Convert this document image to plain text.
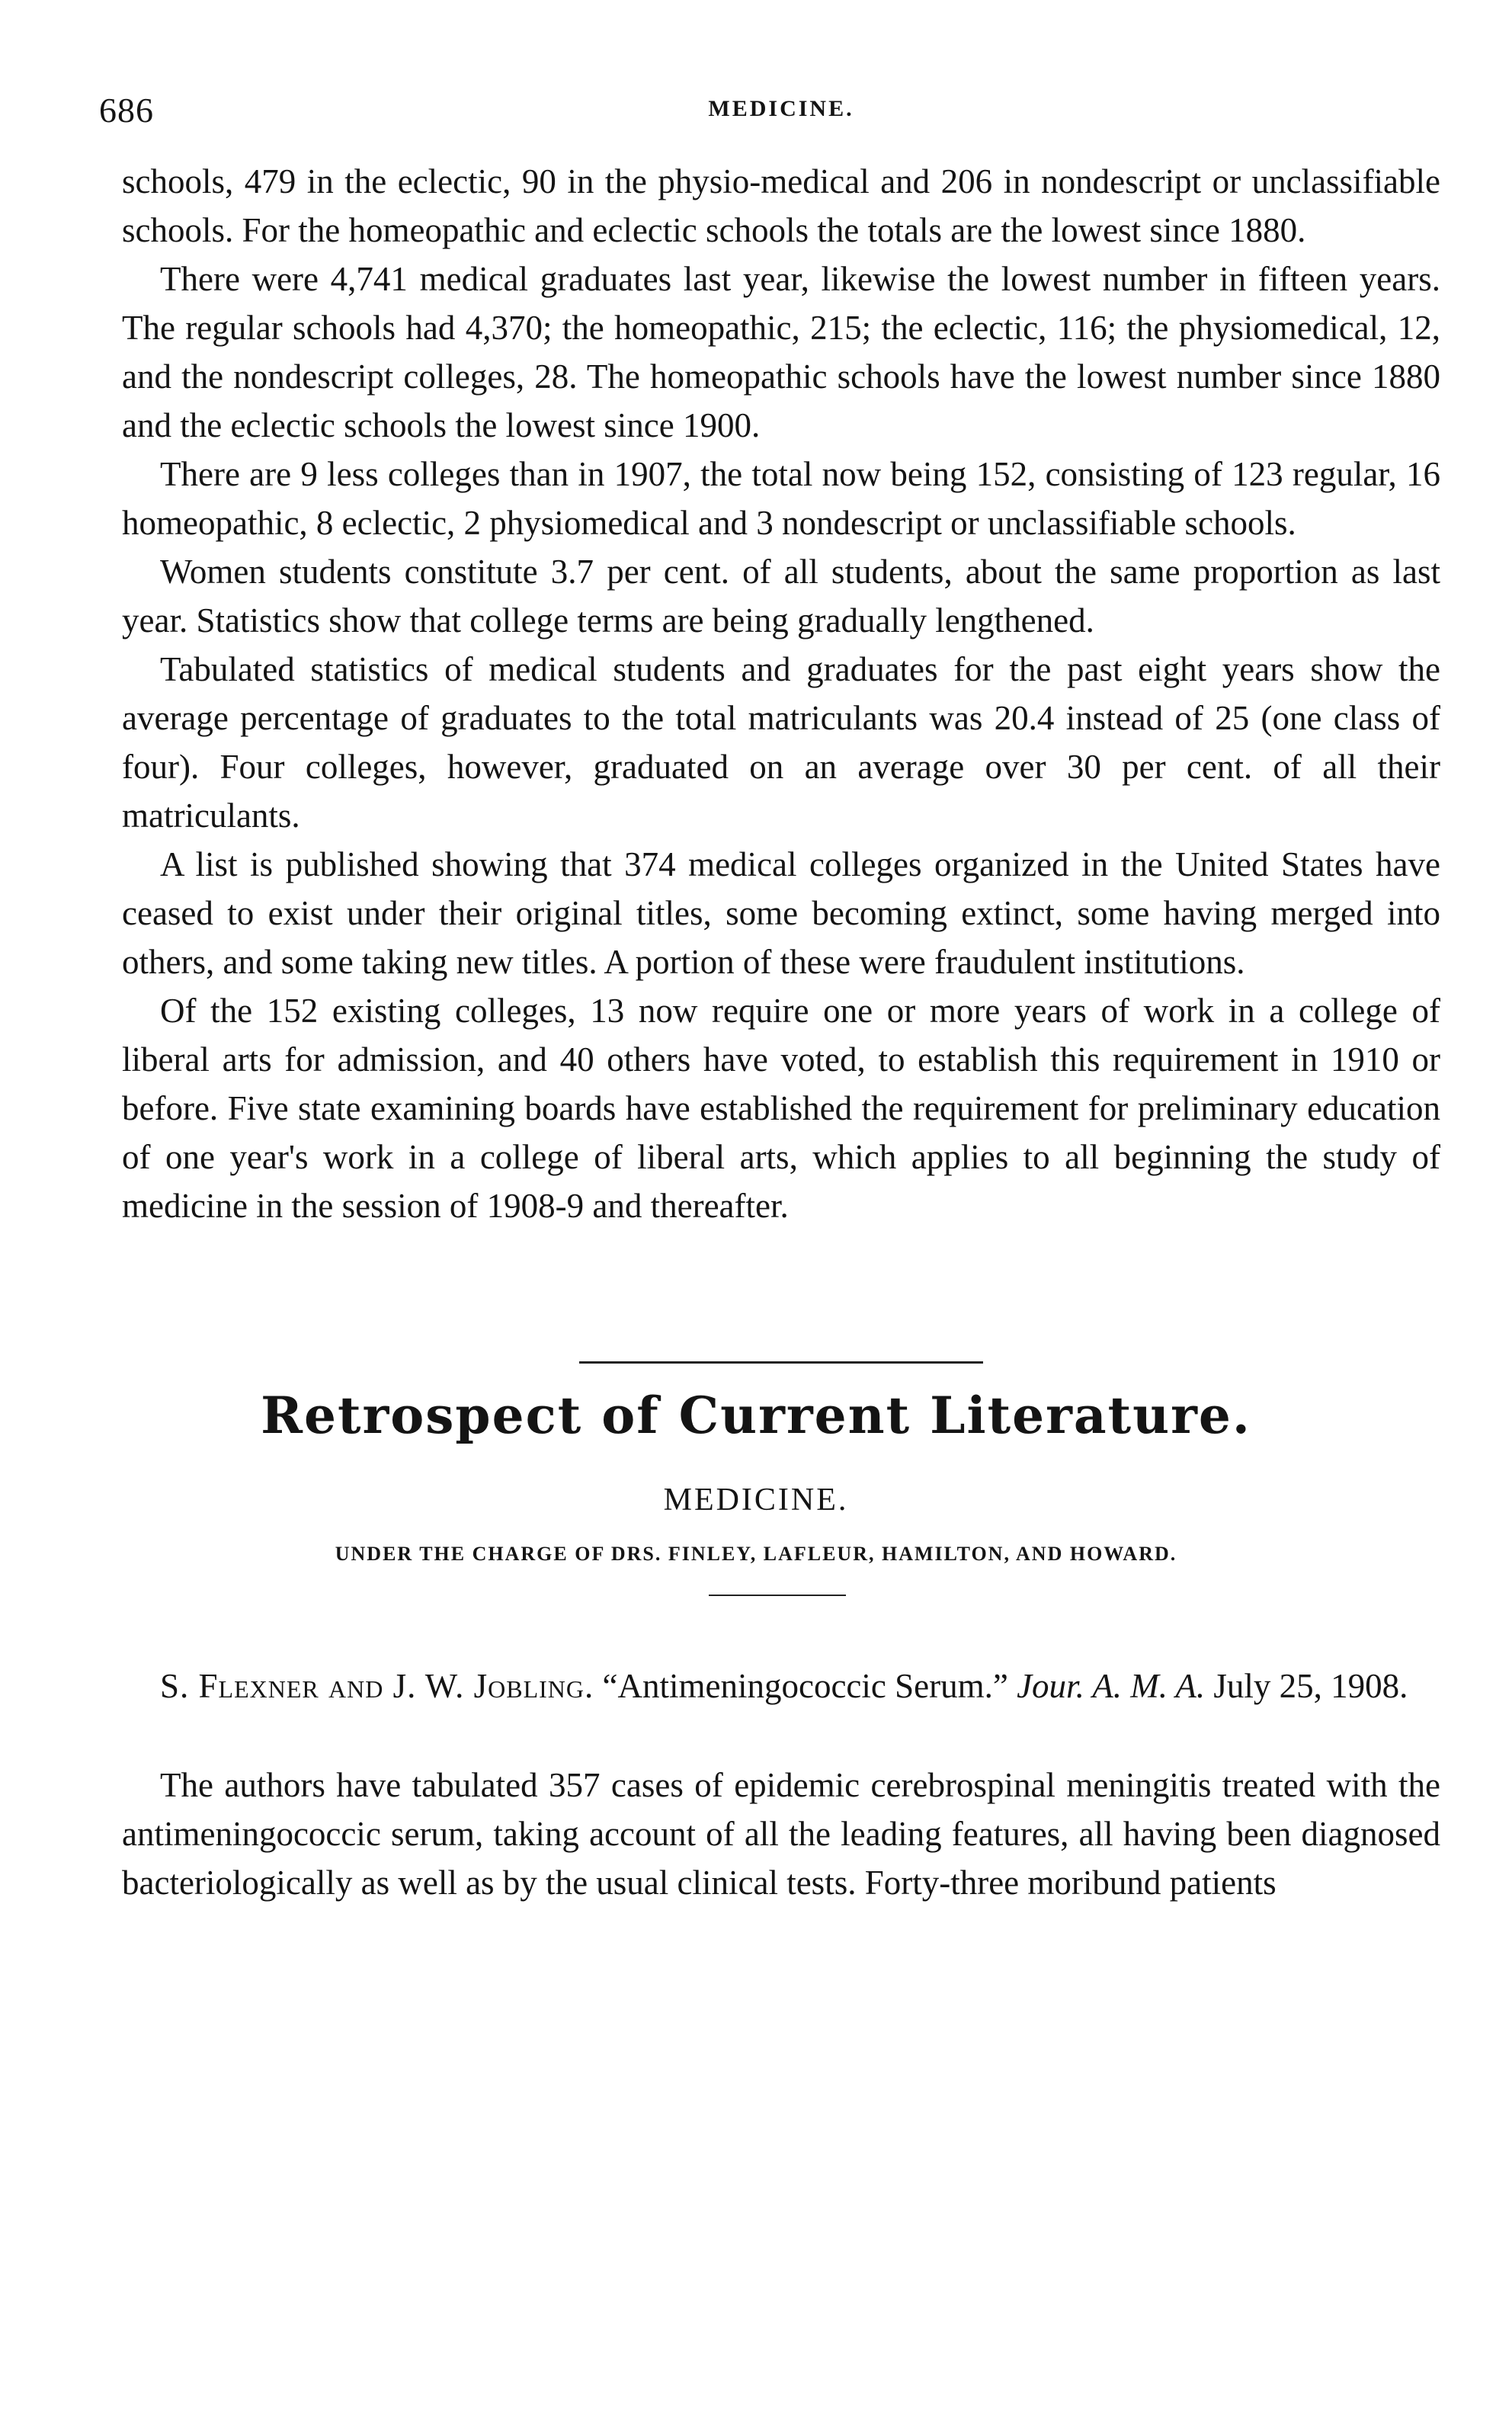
686	MEDICINE.

schools, 479 in the eclectic, 90 in the physio-medical and 206 in nondescript or unclassifiable schools. For the homeopathic and eclectic schools the totals are the lowest since 1880.

There were 4,741 medical graduates last year, likewise the lowest number in fifteen years. The regular schools had 4,370; the homeopathic, 215; the eclectic, 116; the physiomedical, 12, and the nondescript colleges, 28. The homeopathic schools have the lowest number since 1880 and the eclectic schools the lowest since 1900.

There are 9 less colleges than in 1907, the total now being 152, consisting of 123 regular, 16 homeopathic, 8 eclectic, 2 physiomedical and 3 nondescript or unclassifiable schools.

Women students constitute 3.7 per cent. of all students, about the same proportion as last year. Statistics show that college terms are being gradually lengthened.

Tabulated statistics of medical students and graduates for the past eight years show the average percentage of graduates to the total matriculants was 20.4 instead of 25 (one class of four). Four colleges, however, graduated on an average over 30 per cent. of all their matriculants.

A list is published showing that 374 medical colleges organized in the United States have ceased to exist under their original titles, some becoming extinct, some having merged into others, and some taking new titles. A portion of these were fraudulent institutions.

Of the 152 existing colleges, 13 now require one or more years of work in a college of liberal arts for admission, and 40 others have voted, to establish this requirement in 1910 or before. Five state examining boards have established the requirement for preliminary education of one year's work in a college of liberal arts, which applies to all beginning the study of medicine in the session of 1908-9 and thereafter.

Retrospect of Current Literature.
MEDICINE.
UNDER THE CHARGE OF DRS. FINLEY, LAFLEUR, HAMILTON, AND HOWARD.

S. Flexner and J. W. Jobling. “Antimeningococcic Serum.” Jour. A. M. A. July 25, 1908.

The authors have tabulated 357 cases of epidemic cerebrospinal meningitis treated with the antimeningococcic serum, taking account of all the leading features, all having been diagnosed bacteriologically as well as by the usual clinical tests. Forty-three moribund patients
